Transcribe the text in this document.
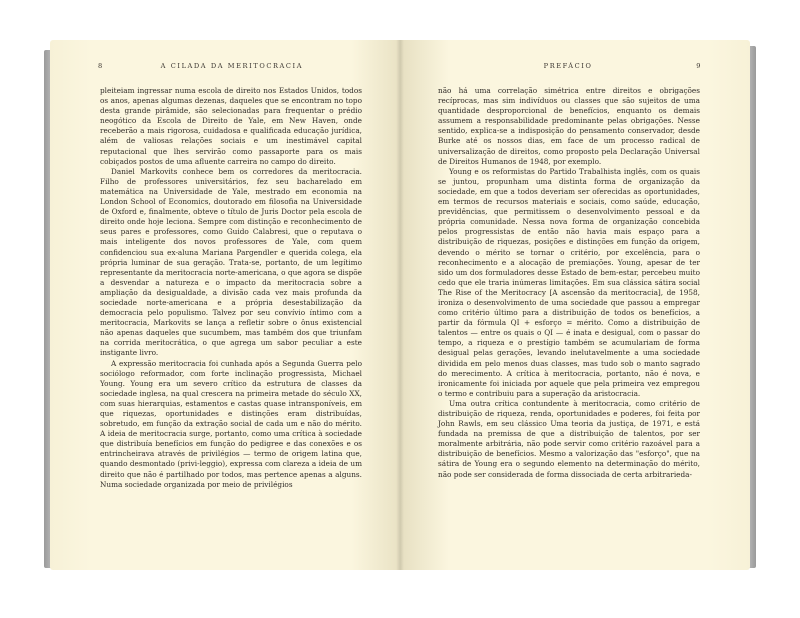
8	A CILADA DA MERITOCRACIA

pleiteiam ingressar numa escola de direito nos Estados Unidos, todos os anos, apenas algumas dezenas, daqueles que se encontram no topo desta grande pirâmide, são selecionadas para frequentar o prédio neogótico da Escola de Direito de Yale, em New Haven, onde receberão a mais rigorosa, cuidadosa e qualificada educação jurídica, além de valiosas relações sociais e um inestimável capital reputacional que lhes servirão como passaporte para os mais cobiçados postos de uma afluente carreira no campo do direito.

Daniel Markovits conhece bem os corredores da meritocracia. Filho de professores universitários, fez seu bacharelado em matemática na Universidade de Yale, mestrado em economia na London School of Economics, doutorado em filosofia na Universidade de Oxford e, finalmente, obteve o título de Juris Doctor pela escola de direito onde hoje leciona. Sempre com distinção e reconhecimento de seus pares e professores, como Guido Calabresi, que o reputava o mais inteligente dos novos professores de Yale, com quem confidenciou sua ex-aluna Mariana Pargendler e querida colega, ela própria luminar de sua geração. Trata-se, portanto, de um legítimo representante da meritocracia norte-americana, o que agora se dispõe a desvendar a natureza e o impacto da meritocracia sobre a ampliação da desigualdade, a divisão cada vez mais profunda da sociedade norte-americana e a própria desestabilização da democracia pelo populismo. Talvez por seu convívio íntimo com a meritocracia, Markovits se lança a refletir sobre o ônus existencial não apenas daqueles que sucumbem, mas também dos que triunfam na corrida meritocrática, o que agrega um sabor peculiar a este instigante livro.

A expressão meritocracia foi cunhada após a Segunda Guerra pelo sociólogo reformador, com forte inclinação progressista, Michael Young. Young era um severo crítico da estrutura de classes da sociedade inglesa, na qual crescera na primeira metade do século XX, com suas hierarquias, estamentos e castas quase intransponíveis, em que riquezas, oportunidades e distinções eram distribuídas, sobretudo, em função da extração social de cada um e não do mérito. A ideia de meritocracia surge, portanto, como uma crítica à sociedade que distribuía benefícios em função do pedigree e das conexões e os entrincheirava através de privilégios — termo de origem latina que, quando desmontado (privi-leggio), expressa com clareza a ideia de um direito que não é partilhado por todos, mas pertence apenas a alguns. Numa sociedade organizada por meio de privilégios

PREFÁCIO	9

não há uma correlação simétrica entre direitos e obrigações recíprocas, mas sim indivíduos ou classes que são sujeitos de uma quantidade desproporcional de benefícios, enquanto os demais assumem a responsabilidade predominante pelas obrigações. Nesse sentido, explica-se a indisposição do pensamento conservador, desde Burke até os nossos dias, em face de um processo radical de universalização de direitos, como proposto pela Declaração Universal de Direitos Humanos de 1948, por exemplo.

Young e os reformistas do Partido Trabalhista inglês, com os quais se juntou, propunham uma distinta forma de organização da sociedade, em que a todos deveriam ser oferecidas as oportunidades, em termos de recursos materiais e sociais, como saúde, educação, previdências, que permitissem o desenvolvimento pessoal e da própria comunidade. Nessa nova forma de organização concebida pelos progressistas de então não havia mais espaço para a distribuição de riquezas, posições e distinções em função da origem, devendo o mérito se tornar o critério, por excelência, para o reconhecimento e a alocação de premiações. Young, apesar de ter sido um dos formuladores desse Estado de bem-estar, percebeu muito cedo que ele traria inúmeras limitações. Em sua clássica sátira social The Rise of the Meritocracy [A ascensão da meritocracia], de 1958, ironiza o desenvolvimento de uma sociedade que passou a empregar como critério último para a distribuição de todos os benefícios, a partir da fórmula QI + esforço = mérito. Como a distribuição de talentos — entre os quais o QI — é inata e desigual, com o passar do tempo, a riqueza e o prestígio também se acumulariam de forma desigual pelas gerações, levando inelutavelmente a uma sociedade dividida em pelo menos duas classes, mas tudo sob o manto sagrado do merecimento. A crítica à meritocracia, portanto, não é nova, e ironicamente foi iniciada por aquele que pela primeira vez empregou o termo e contribuiu para a superação da aristocracia.

Uma outra crítica contundente à meritocracia, como critério de distribuição de riqueza, renda, oportunidades e poderes, foi feita por John Rawls, em seu clássico Uma teoria da justiça, de 1971, e está fundada na premissa de que a distribuição de talentos, por ser moralmente arbitrária, não pode servir como critério razoável para a distribuição de benefícios. Mesmo a valorização das "esforço", que na sátira de Young era o segundo elemento na determinação do mérito, não pode ser considerada de forma dissociada de certa arbitrarieda-
